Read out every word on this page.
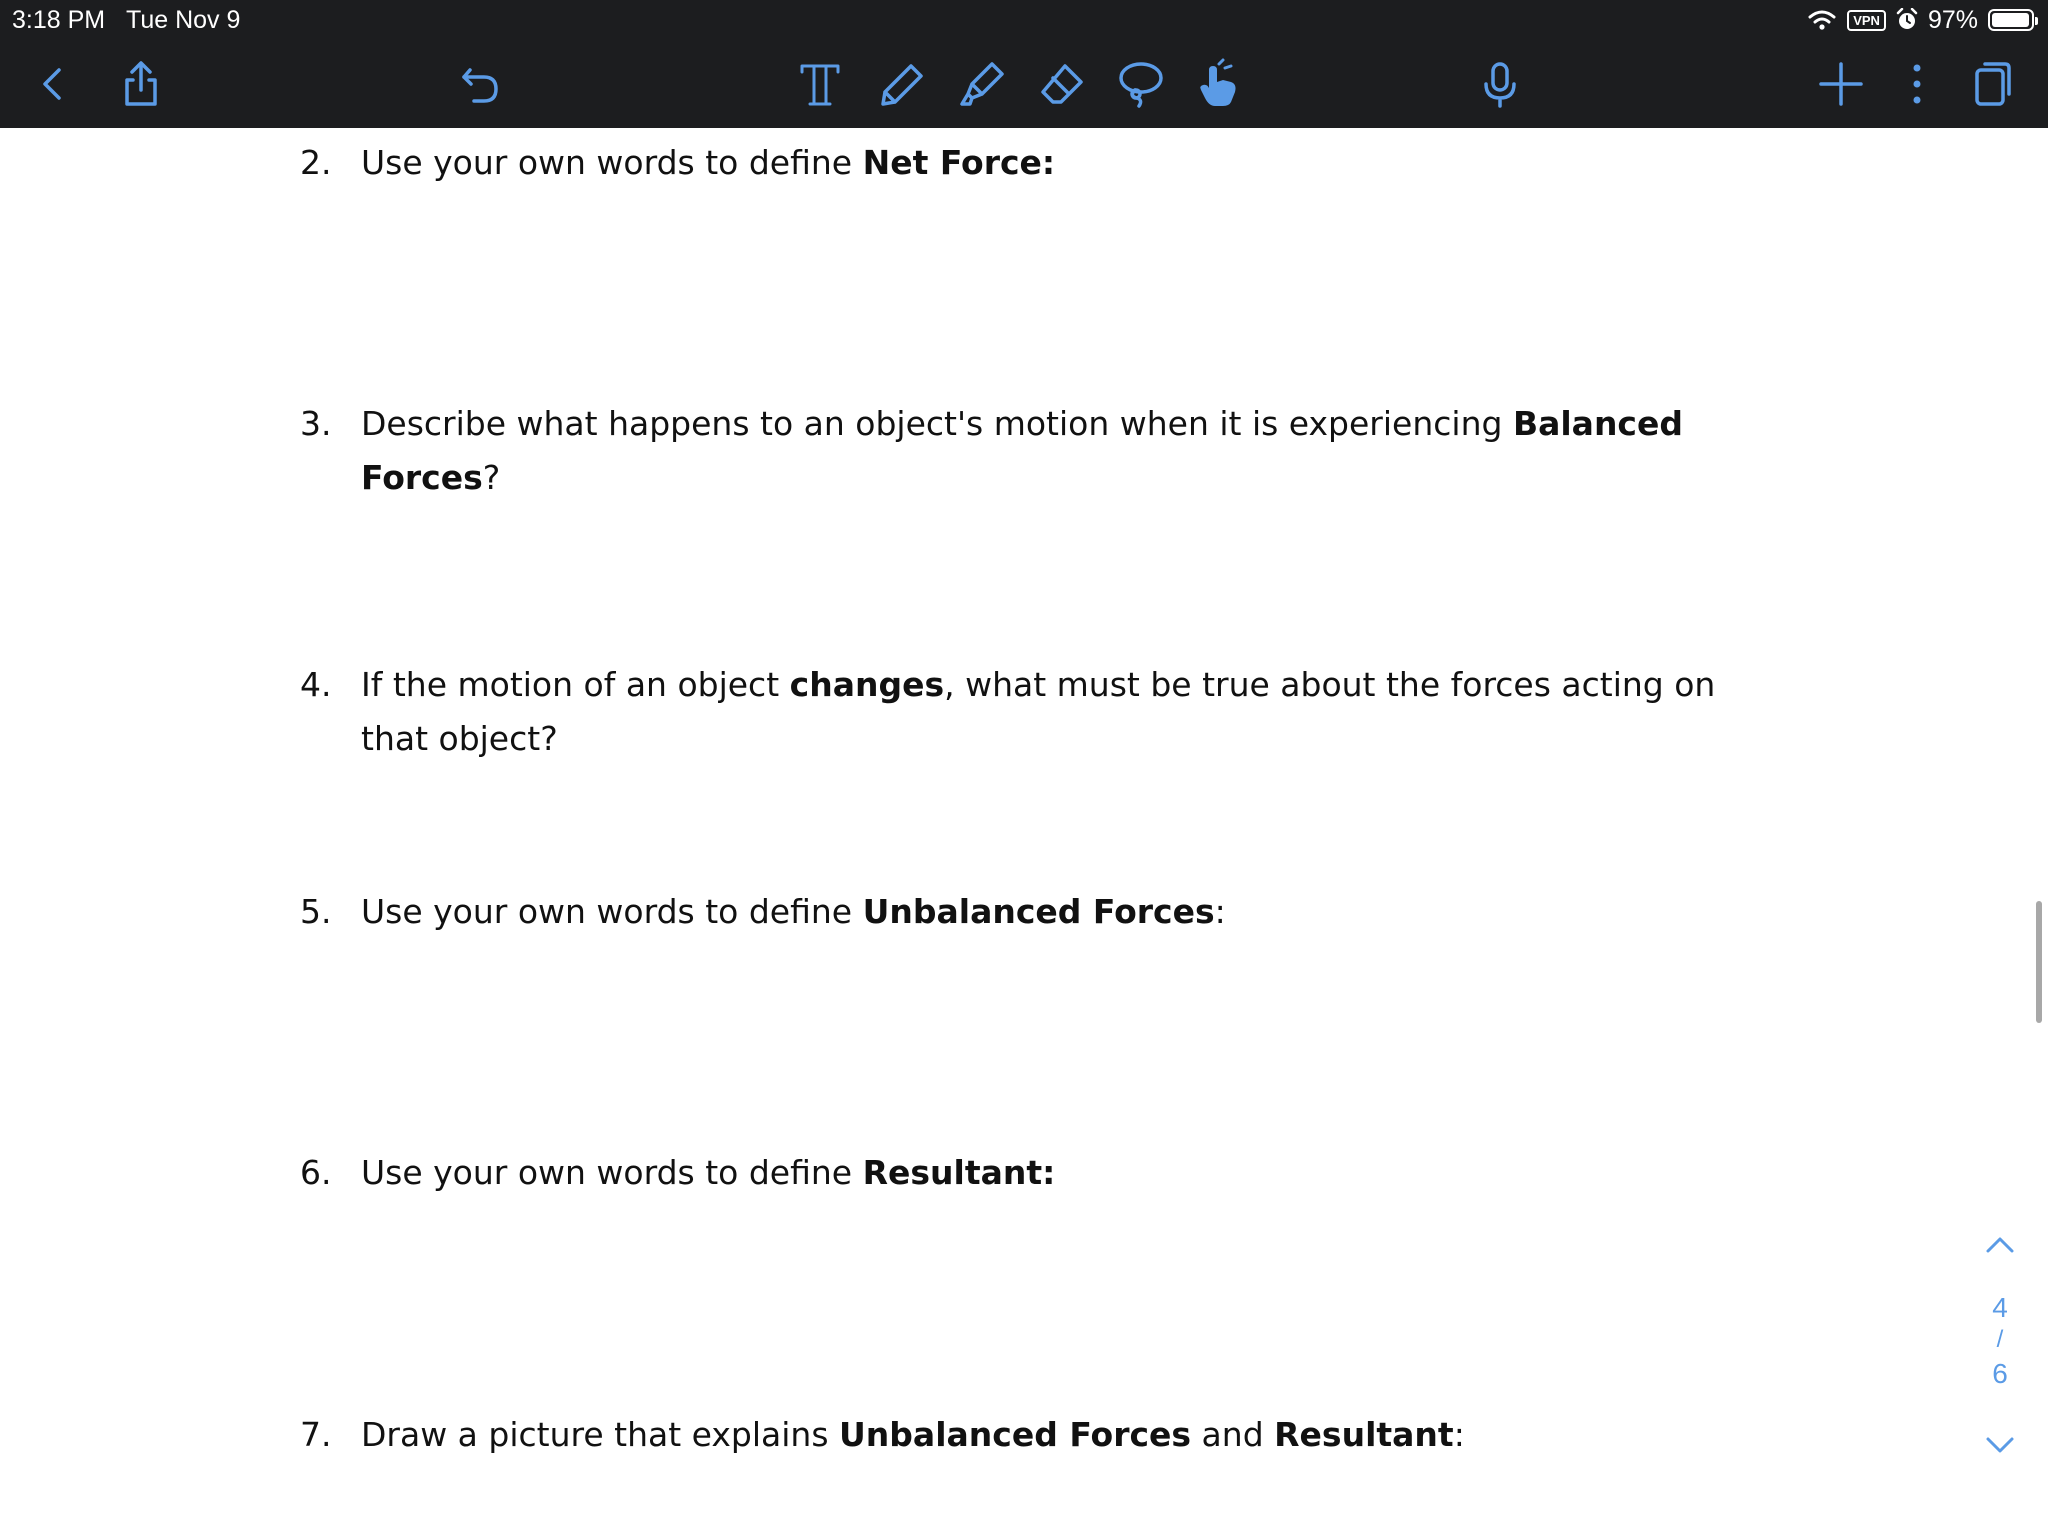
3:18 PM Tue Nov 9	VPN 97%
2. Use your own words to define Net Force:
3. Describe what happens to an object's motion when it is experiencing Balanced Forces?
4. If the motion of an object changes, what must be true about the forces acting on that object?
5. Use your own words to define Unbalanced Forces:
6. Use your own words to define Resultant:
7. Draw a picture that explains Unbalanced Forces and Resultant:
4
/
6
